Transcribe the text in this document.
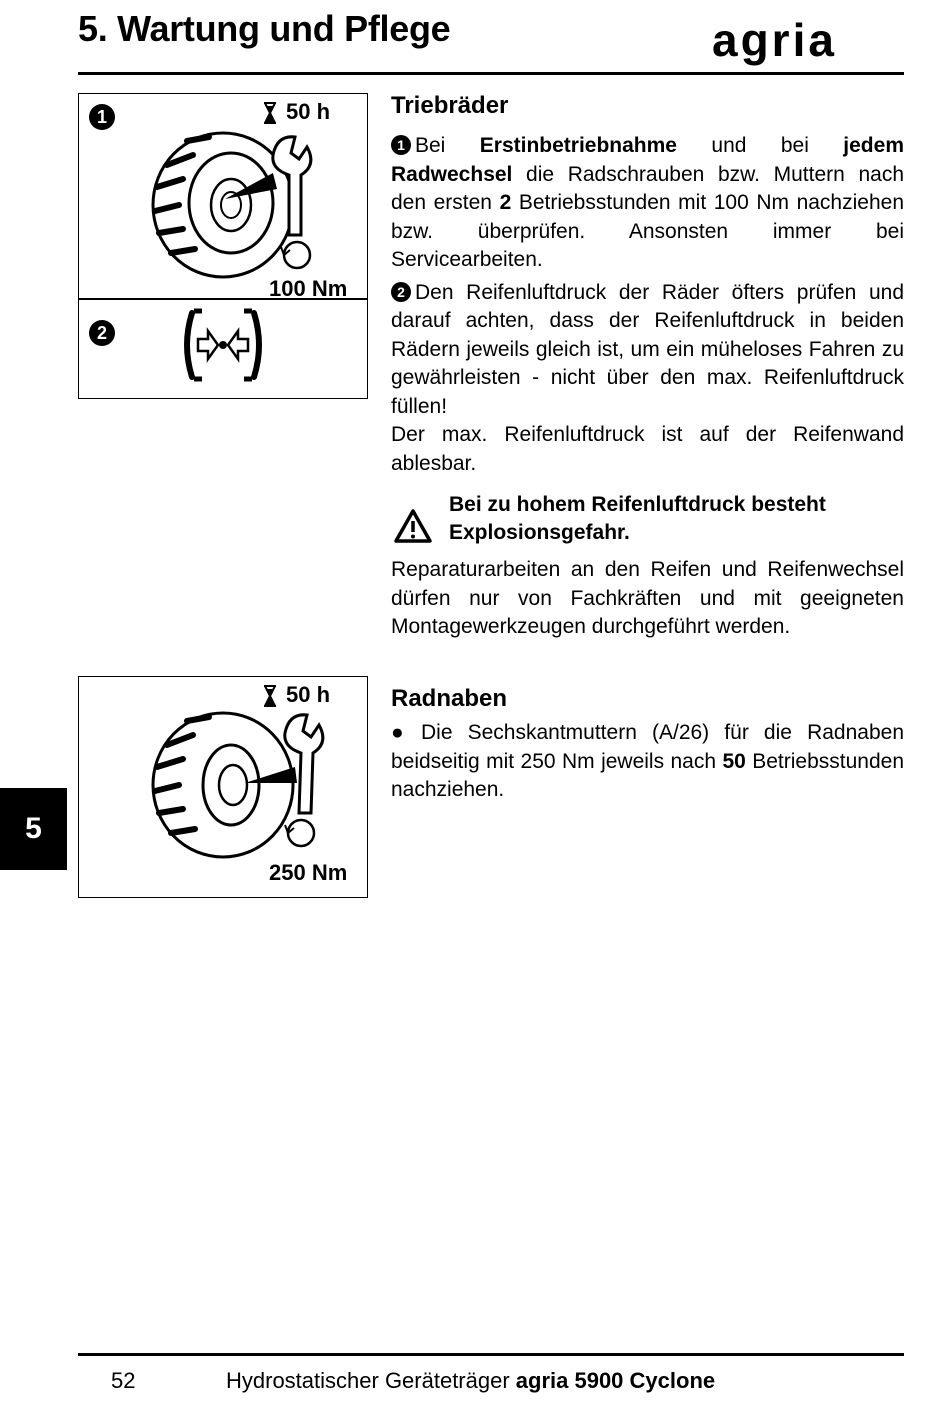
5. Wartung und Pflege	agria
1
2
50 h
100 Nm
Triebräder

1 Bei Erstinbetriebnahme und bei jedem Radwechsel die Radschrauben bzw. Muttern nach den ersten 2 Betriebsstunden mit 100 Nm nachziehen bzw. überprüfen. Ansonsten immer bei Servicearbeiten.

2 Den Reifenluftdruck der Räder öfters prüfen und darauf achten, dass der Reifenluftdruck in beiden Rädern jeweils gleich ist, um ein müheloses Fahren zu gewährleisten - nicht über den max. Reifenluftdruck füllen!

Der max. Reifenluftdruck ist auf der Reifenwand ablesbar.

Bei zu hohem Reifenluftdruck besteht Explosionsgefahr.
Reparaturarbeiten an den Reifen und Reifenwechsel dürfen nur von Fachkräften und mit geeigneten Montagewerkzeugen durchgeführt werden.
50 h
250 Nm
Radnaben
● Die Sechskantmuttern (A/26) für die Radnaben beidseitig mit 250 Nm jeweils nach 50 Betriebsstunden nachziehen.
5
52	Hydrostatischer Geräteträger agria 5900 Cyclone
